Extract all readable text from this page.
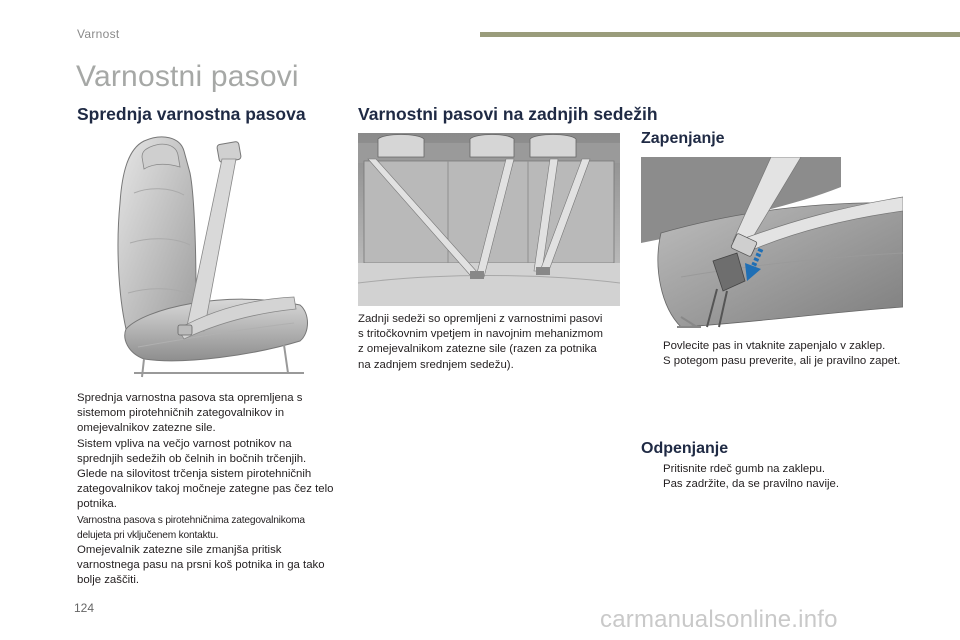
Varnost
Varnostni pasovi
Sprednja varnostna pasova

Sprednja varnostna pasova sta opremljena s sistemom pirotehničnih zategovalnikov in omejevalnikov zatezne sile.

Sistem vpliva na večjo varnost potnikov na sprednjih sedežih ob čelnih in bočnih trčenjih. Glede na silovitost trčenja sistem pirotehničnih zategovalnikov takoj močneje zategne pas čez telo potnika.

Varnostna pasova s pirotehničnima zategovalnikoma delujeta pri vključenem kontaktu.

Omejevalnik zatezne sile zmanjša pritisk varnostnega pasu na prsni koš potnika in ga tako bolje zaščiti.

Varnostni pasovi na zadnjih sedežih
Zadnji sedeži so opremljeni z varnostnimi pasovi s tritočkovnim vpetjem in navojnim mehanizmom z omejevalnikom zatezne sile (razen za potnika na zadnjem srednjem sedežu).
Zapenjanje
Povlecite pas in vtaknite zapenjalo v zaklep.
S potegom pasu preverite, ali je pravilno zapet.
Odpenjanje
Pritisnite rdeč gumb na zaklepu.
Pas zadržite, da se pravilno navije.
124	carmanualsonline.info
